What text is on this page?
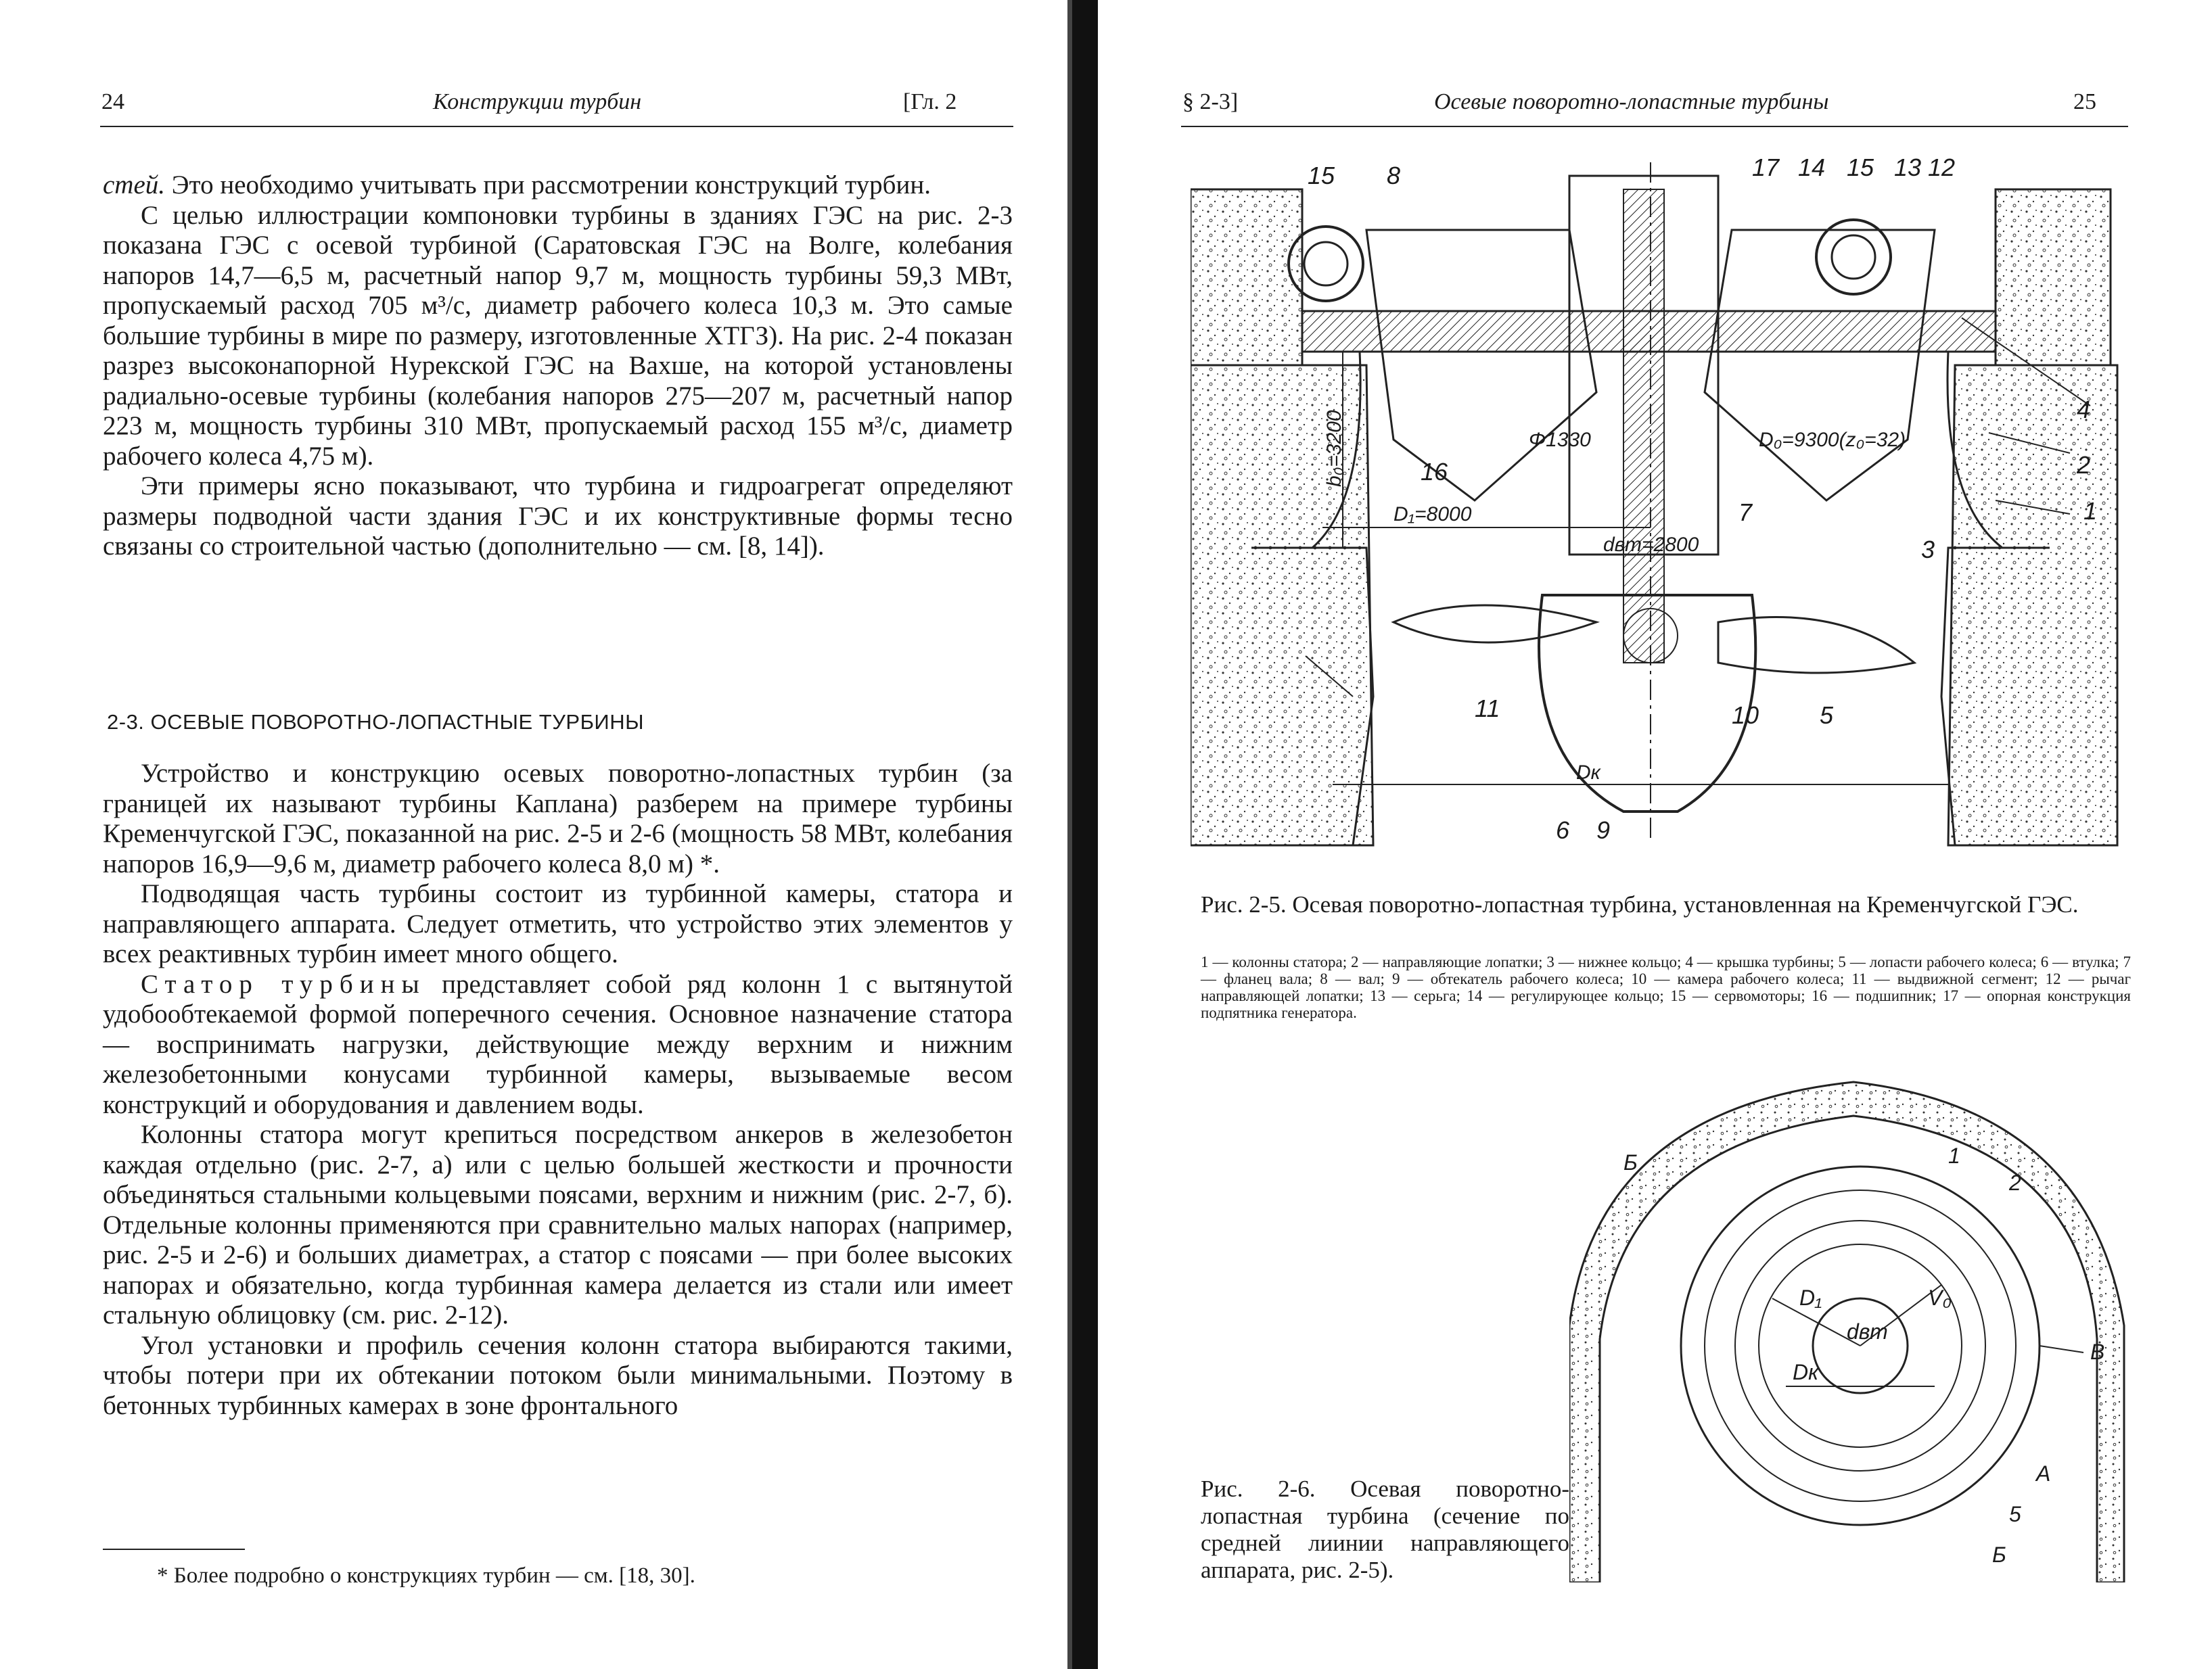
24	Конструкции турбин	[Гл. 2

стей. Это необходимо учитывать при рассмотрении конструкций турбин.

С целью иллюстрации компоновки турбины в зданиях ГЭС на рис. 2-3 показана ГЭС с осевой турбиной (Саратовская ГЭС на Волге, колебания напоров 14,7—6,5 м, расчетный напор 9,7 м, мощность турбины 59,3 МВт, пропускаемый расход 705 м³/с, диаметр рабочего колеса 10,3 м. Это самые большие турбины в мире по размеру, изготовленные ХТГЗ). На рис. 2-4 показан разрез высоконапорной Нурекской ГЭС на Вахше, на которой установлены радиально-осевые турбины (колебания напоров 275—207 м, расчетный напор 223 м, мощность турбины 310 МВт, пропускаемый расход 155 м³/с, диаметр рабочего колеса 4,75 м).

Эти примеры ясно показывают, что турбина и гидроагрегат определяют размеры подводной части здания ГЭС и их конструктивные формы тесно связаны со строительной частью (дополнительно — см. [8, 14]).

2-3. ОСЕВЫЕ ПОВОРОТНО-ЛОПАСТНЫЕ ТУРБИНЫ

Устройство и конструкцию осевых поворотно-лопастных турбин (за границей их называют турбины Каплана) разберем на примере турбины Кременчугской ГЭС, показанной на рис. 2-5 и 2-6 (мощность 58 МВт, колебания напоров 16,9—9,6 м, диаметр рабочего колеса 8,0 м) *.

Подводящая часть турбины состоит из турбинной камеры, статора и направляющего аппарата. Следует отметить, что устройство этих элементов у всех реактивных турбин имеет много общего.

Статор турбины представляет собой ряд колонн 1 с вытянутой удобообтекаемой формой поперечного сечения. Основное назначение статора — воспринимать нагрузки, действующие между верхним и нижним железобетонными конусами турбинной камеры, вызываемые весом конструкций и оборудования и давлением воды.

Колонны статора могут крепиться посредством анкеров в железобетон каждая отдельно (рис. 2-7, а) или с целью большей жесткости и прочности объединяться стальными кольцевыми поясами, верхним и нижним (рис. 2-7, б). Отдельные колонны применяются при сравнительно малых напорах (например, рис. 2-5 и 2-6) и больших диаметрах, а статор с поясами — при более высоких напорах и обязательно, когда турбинная камера делается из стали или имеет стальную облицовку (см. рис. 2-12).

Угол установки и профиль сечения колонн статора выбираются такими, чтобы потери при их обтекании потоком были минимальными. Поэтому в бетонных турбинных камерах в зоне фронтального

* Более подробно о конструкциях турбин — см. [18, 30].
§ 2-3]	Осевые поворотно-лопастные турбины	25
15 8	17 14 15 13 12
4
2
1
16
7
3
11	10 5
6 9
Φ1330	D₀=9300(z₀=32)
D₁=8000
dвт=2800
Dк
b₀=3200
Рис. 2-5. Осевая поворотно-лопастная турбина, установленная на Кременчугской ГЭС.
1 — колонны статора; 2 — направляющие лопатки; 3 — нижнее кольцо; 4 — крышка турбины; 5 — лопасти рабочего колеса; 6 — втулка; 7 — фланец вала; 8 — вал; 9 — обтекатель рабочего колеса; 10 — камера рабочего колеса; 11 — выдвижной сегмент; 12 — рычаг направляющей лопатки; 13 — серьга; 14 — регулирующее кольцо; 15 — сервомоторы; 16 — подшипник; 17 — опорная конструкция подпятника генератора.
Б	1
2
V₀
D₁
dвт
Dк
В
А
5
Б
Рис. 2-6. Осевая поворотно-лопастная турбина (сечение по средней лиинии направляющего аппарата, рис. 2-5).
